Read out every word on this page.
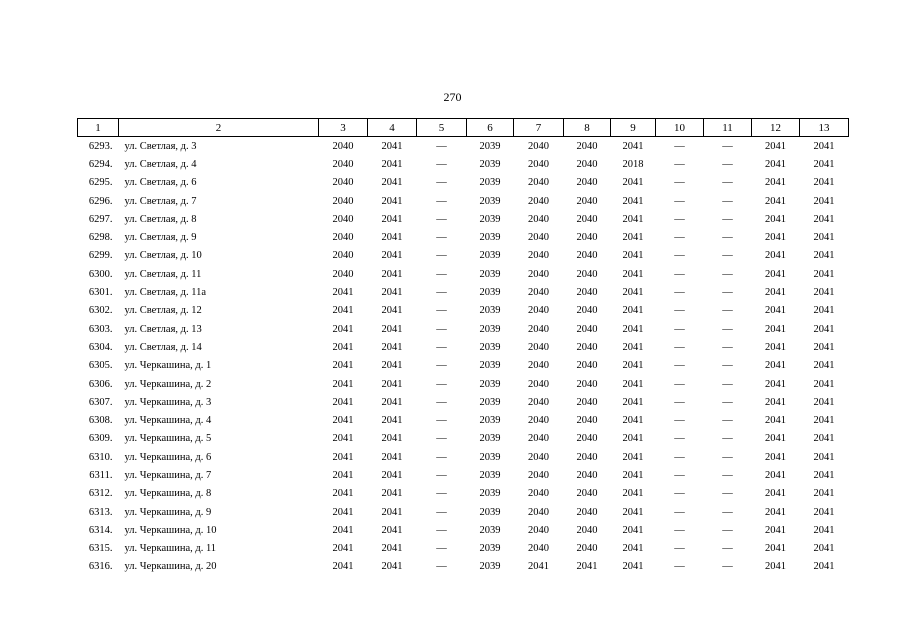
270
1	2	3	4	5	6	7	8	9	10	11	12	13
6293.	ул. Светлая, д. 3	2040	2041	—	2039	2040	2040	2041	—	—	2041	2041
6294.	ул. Светлая, д. 4	2040	2041	—	2039	2040	2040	2018	—	—	2041	2041
6295.	ул. Светлая, д. 6	2040	2041	—	2039	2040	2040	2041	—	—	2041	2041
6296.	ул. Светлая, д. 7	2040	2041	—	2039	2040	2040	2041	—	—	2041	2041
6297.	ул. Светлая, д. 8	2040	2041	—	2039	2040	2040	2041	—	—	2041	2041
6298.	ул. Светлая, д. 9	2040	2041	—	2039	2040	2040	2041	—	—	2041	2041
6299.	ул. Светлая, д. 10	2040	2041	—	2039	2040	2040	2041	—	—	2041	2041
6300.	ул. Светлая, д. 11	2040	2041	—	2039	2040	2040	2041	—	—	2041	2041
6301.	ул. Светлая, д. 11а	2041	2041	—	2039	2040	2040	2041	—	—	2041	2041
6302.	ул. Светлая, д. 12	2041	2041	—	2039	2040	2040	2041	—	—	2041	2041
6303.	ул. Светлая, д. 13	2041	2041	—	2039	2040	2040	2041	—	—	2041	2041
6304.	ул. Светлая, д. 14	2041	2041	—	2039	2040	2040	2041	—	—	2041	2041
6305.	ул. Черкашина, д. 1	2041	2041	—	2039	2040	2040	2041	—	—	2041	2041
6306.	ул. Черкашина, д. 2	2041	2041	—	2039	2040	2040	2041	—	—	2041	2041
6307.	ул. Черкашина, д. 3	2041	2041	—	2039	2040	2040	2041	—	—	2041	2041
6308.	ул. Черкашина, д. 4	2041	2041	—	2039	2040	2040	2041	—	—	2041	2041
6309.	ул. Черкашина, д. 5	2041	2041	—	2039	2040	2040	2041	—	—	2041	2041
6310.	ул. Черкашина, д. 6	2041	2041	—	2039	2040	2040	2041	—	—	2041	2041
6311.	ул. Черкашина, д. 7	2041	2041	—	2039	2040	2040	2041	—	—	2041	2041
6312.	ул. Черкашина, д. 8	2041	2041	—	2039	2040	2040	2041	—	—	2041	2041
6313.	ул. Черкашина, д. 9	2041	2041	—	2039	2040	2040	2041	—	—	2041	2041
6314.	ул. Черкашина, д. 10	2041	2041	—	2039	2040	2040	2041	—	—	2041	2041
6315.	ул. Черкашина, д. 11	2041	2041	—	2039	2040	2040	2041	—	—	2041	2041
6316.	ул. Черкашина, д. 20	2041	2041	—	2039	2041	2041	2041	—	—	2041	2041
